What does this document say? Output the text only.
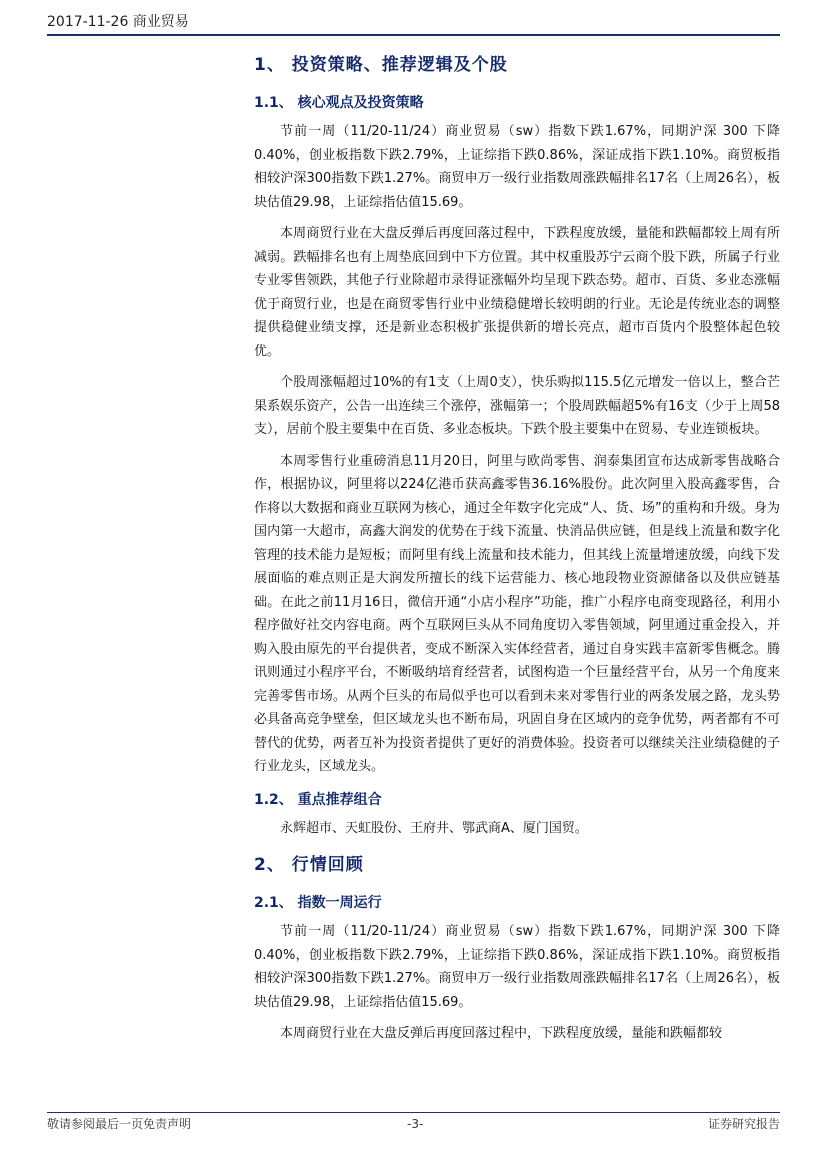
2017-11-26 商业贸易
1、 投资策略、推荐逻辑及个股
1.1、 核心观点及投资策略

节前一周（11/20-11/24）商业贸易（sw）指数下跌1.67%，同期沪深 300 下降0.40%，创业板指数下跌2.79%，上证综指下跌0.86%，深证成指下跌1.10%。商贸板指相较沪深300指数下跌1.27%。商贸申万一级行业指数周涨跌幅排名17名（上周26名），板块估值29.98，上证综指估值15.69。

本周商贸行业在大盘反弹后再度回落过程中，下跌程度放缓，量能和跌幅都较上周有所减弱。跌幅排名也有上周垫底回到中下方位置。其中权重股苏宁云商个股下跌，所属子行业专业零售领跌，其他子行业除超市录得证涨幅外均呈现下跌态势。超市、百货、多业态涨幅优于商贸行业，也是在商贸零售行业中业绩稳健增长较明朗的行业。无论是传统业态的调整提供稳健业绩支撑，还是新业态积极扩张提供新的增长亮点，超市百货内个股整体起色较优。

个股周涨幅超过10%的有1支（上周0支），快乐购拟115.5亿元增发一倍以上，整合芒果系娱乐资产，公告一出连续三个涨停，涨幅第一；个股周跌幅超5%有16支（少于上周58支），居前个股主要集中在百货、多业态板块。下跌个股主要集中在贸易、专业连锁板块。

本周零售行业重磅消息11月20日，阿里与欧尚零售、润泰集团宣布达成新零售战略合作，根据协议，阿里将以224亿港币获高鑫零售36.16%股份。此次阿里入股高鑫零售，合作将以大数据和商业互联网为核心，通过全年数字化完成“人、货、场”的重构和升级。身为国内第一大超市，高鑫大润发的优势在于线下流量、快消品供应链，但是线上流量和数字化管理的技术能力是短板；而阿里有线上流量和技术能力，但其线上流量增速放缓，向线下发展面临的难点则正是大润发所擅长的线下运营能力、核心地段物业资源储备以及供应链基础。在此之前11月16日，微信开通“小店小程序”功能，推广小程序电商变现路径，利用小程序做好社交内容电商。两个互联网巨头从不同角度切入零售领域，阿里通过重金投入，并购入股由原先的平台提供者，变成不断深入实体经营者，通过自身实践丰富新零售概念。腾讯则通过小程序平台，不断吸纳培育经营者，试图构造一个巨量经营平台，从另一个角度来完善零售市场。从两个巨头的布局似乎也可以看到未来对零售行业的两条发展之路，龙头势必具备高竞争壁垒，但区域龙头也不断布局，巩固自身在区域内的竞争优势，两者都有不可替代的优势，两者互补为投资者提供了更好的消费体验。投资者可以继续关注业绩稳健的子行业龙头，区域龙头。

1.2、 重点推荐组合
永辉超市、天虹股份、王府井、鄂武商A、厦门国贸。
2、 行情回顾
2.1、 指数一周运行

节前一周（11/20-11/24）商业贸易（sw）指数下跌1.67%，同期沪深 300 下降0.40%，创业板指数下跌2.79%，上证综指下跌0.86%，深证成指下跌1.10%。商贸板指相较沪深300指数下跌1.27%。商贸申万一级行业指数周涨跌幅排名17名（上周26名），板块估值29.98，上证综指估值15.69。

本周商贸行业在大盘反弹后再度回落过程中，下跌程度放缓，量能和跌幅都较

敬请参阅最后一页免责声明	-3-	证券研究报告
